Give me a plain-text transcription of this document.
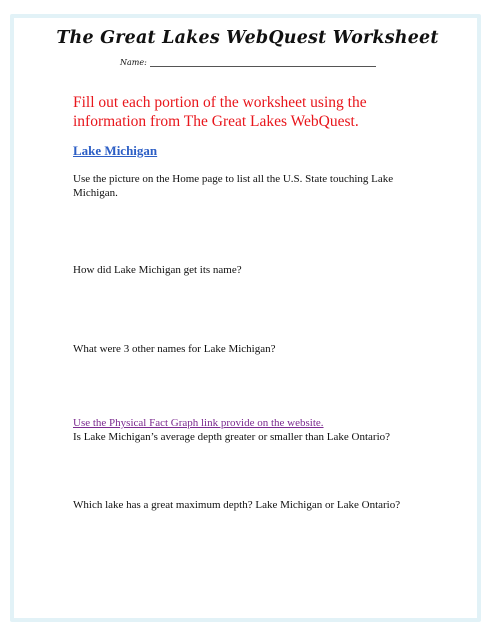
The Great Lakes WebQuest Worksheet
Name:
Fill out each portion of the worksheet using the information from The Great Lakes WebQuest.
Lake Michigan
Use the picture on the Home page to list all the U.S. State touching Lake Michigan.
How did Lake Michigan get its name?
What were 3 other names for Lake Michigan?
Use the Physical Fact Graph link provide on the website.
Is Lake Michigan’s average depth greater or smaller than Lake Ontario?
Which lake has a great maximum depth? Lake Michigan or Lake Ontario?
